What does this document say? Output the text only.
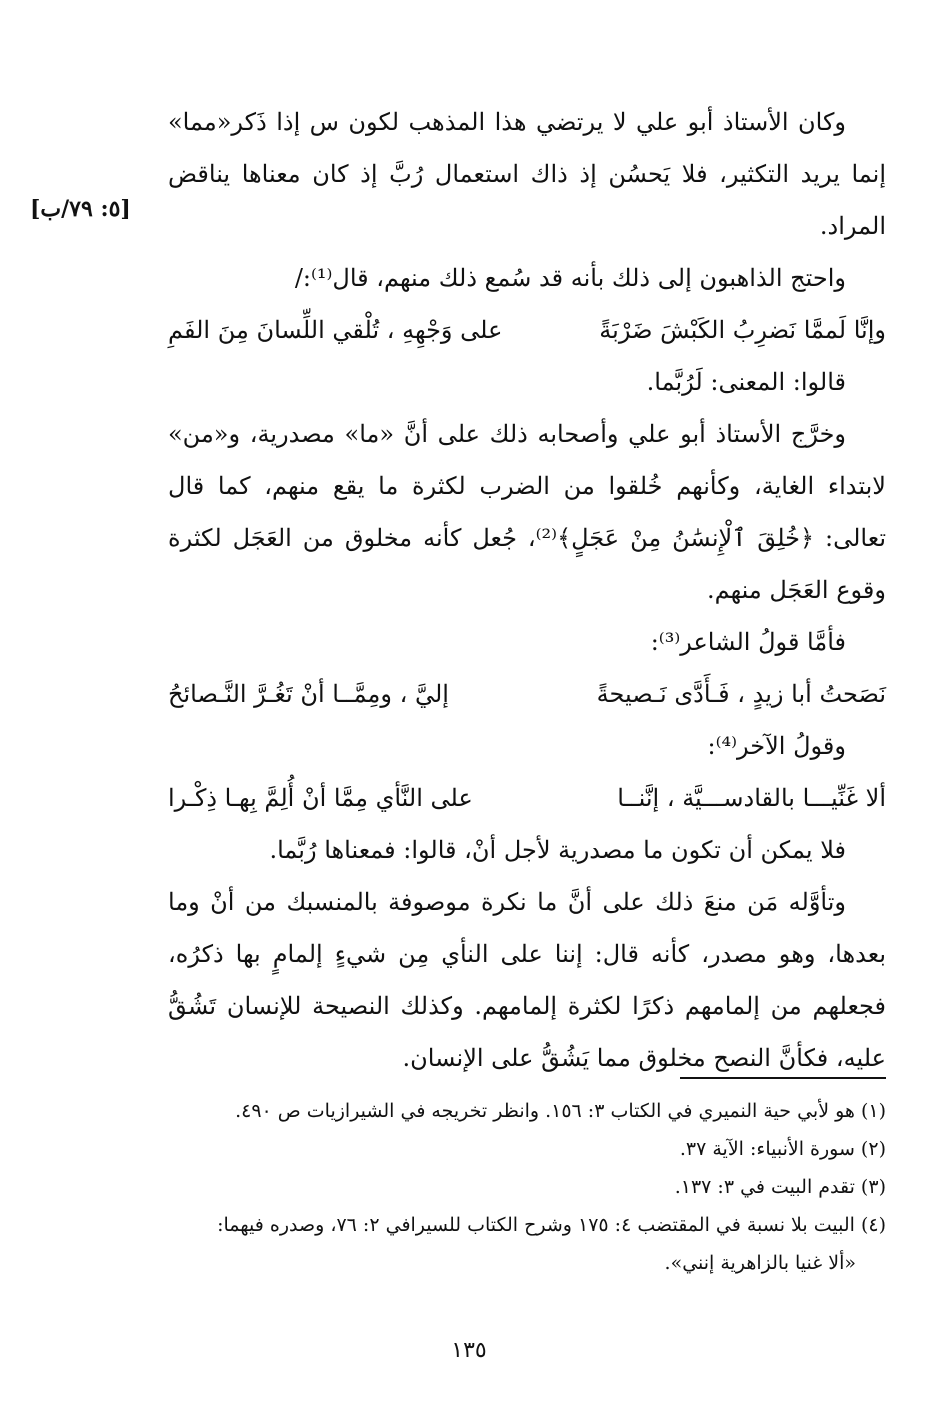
[٥: ٧٩/ب]

وكان الأستاذ أبو علي لا يرتضي هذا المذهب لكون س إذا ذَكر«مما» إنما يريد التكثير، فلا يَحسُن إذ ذاك استعمال رُبَّ إذ كان معناها يناقض المراد.

واحتج الذاهبون إلى ذلك بأنه قد سُمع ذلك منهم، قال⁽¹⁾:/

وإنَّا لَممَّا نَضرِبُ الكَبْشَ ضَرْبَةً
على وَجْهِهِ ، تُلْقي اللِّسانَ مِنَ الفَمِ

قالوا: المعنى: لَرُبَّما.

وخرَّج الأستاذ أبو علي وأصحابه ذلك على أنَّ «ما» مصدرية، و«من» لابتداء الغاية، وكأنهم خُلقوا من الضرب لكثرة ما يقع منهم، كما قال تعالى: ﴿خُلِقَ ٱلْإِنسَٰنُ مِنْ عَجَلٍ﴾⁽²⁾، جُعل كأنه مخلوق من العَجَل لكثرة وقوع العَجَل منهم.

فأمَّا قولُ الشاعر⁽³⁾:

نَصَحتُ أبا زيدٍ ، فَـأَدَّى نَـصيحةً
إليَّ ، ومِمَّــا أنْ تَغُـرَّ النَّـصائحُ

وقولُ الآخر⁽⁴⁾:

ألا غَنِّيـــا بالقادســـيَّة ، إنَّنــا
على النَّأي مِمَّا أنْ أُلِمَّ بِهـا ذِكْـرا

فلا يمكن أن تكون ما مصدرية لأجل أنْ، قالوا: فمعناها رُبَّما.

وتأوَّله مَن منعَ ذلك على أنَّ ما نكرة موصوفة بالمنسبك من أنْ وما بعدها، وهو مصدر، كأنه قال: إننا على النأي مِن شيءٍ إلمامٍ بها ذكرُه، فجعلهم من إلمامهم ذكرًا لكثرة إلمامهم. وكذلك النصيحة للإنسان تَشُقُّ عليه، فكأنَّ النصح مخلوق مما يَشُقُّ على الإنسان.

(١) هو لأبي حية النميري في الكتاب ٣: ١٥٦. وانظر تخريجه في الشيرازيات ص ٤٩٠.

(٢) سورة الأنبياء: الآية ٣٧.

(٣) تقدم البيت في ٣: ١٣٧.

(٤) البيت بلا نسبة في المقتضب ٤: ١٧٥ وشرح الكتاب للسيرافي ٢: ٧٦، وصدره فيهما:
«ألا غنيا بالزاهرية إنني».

١٣٥
